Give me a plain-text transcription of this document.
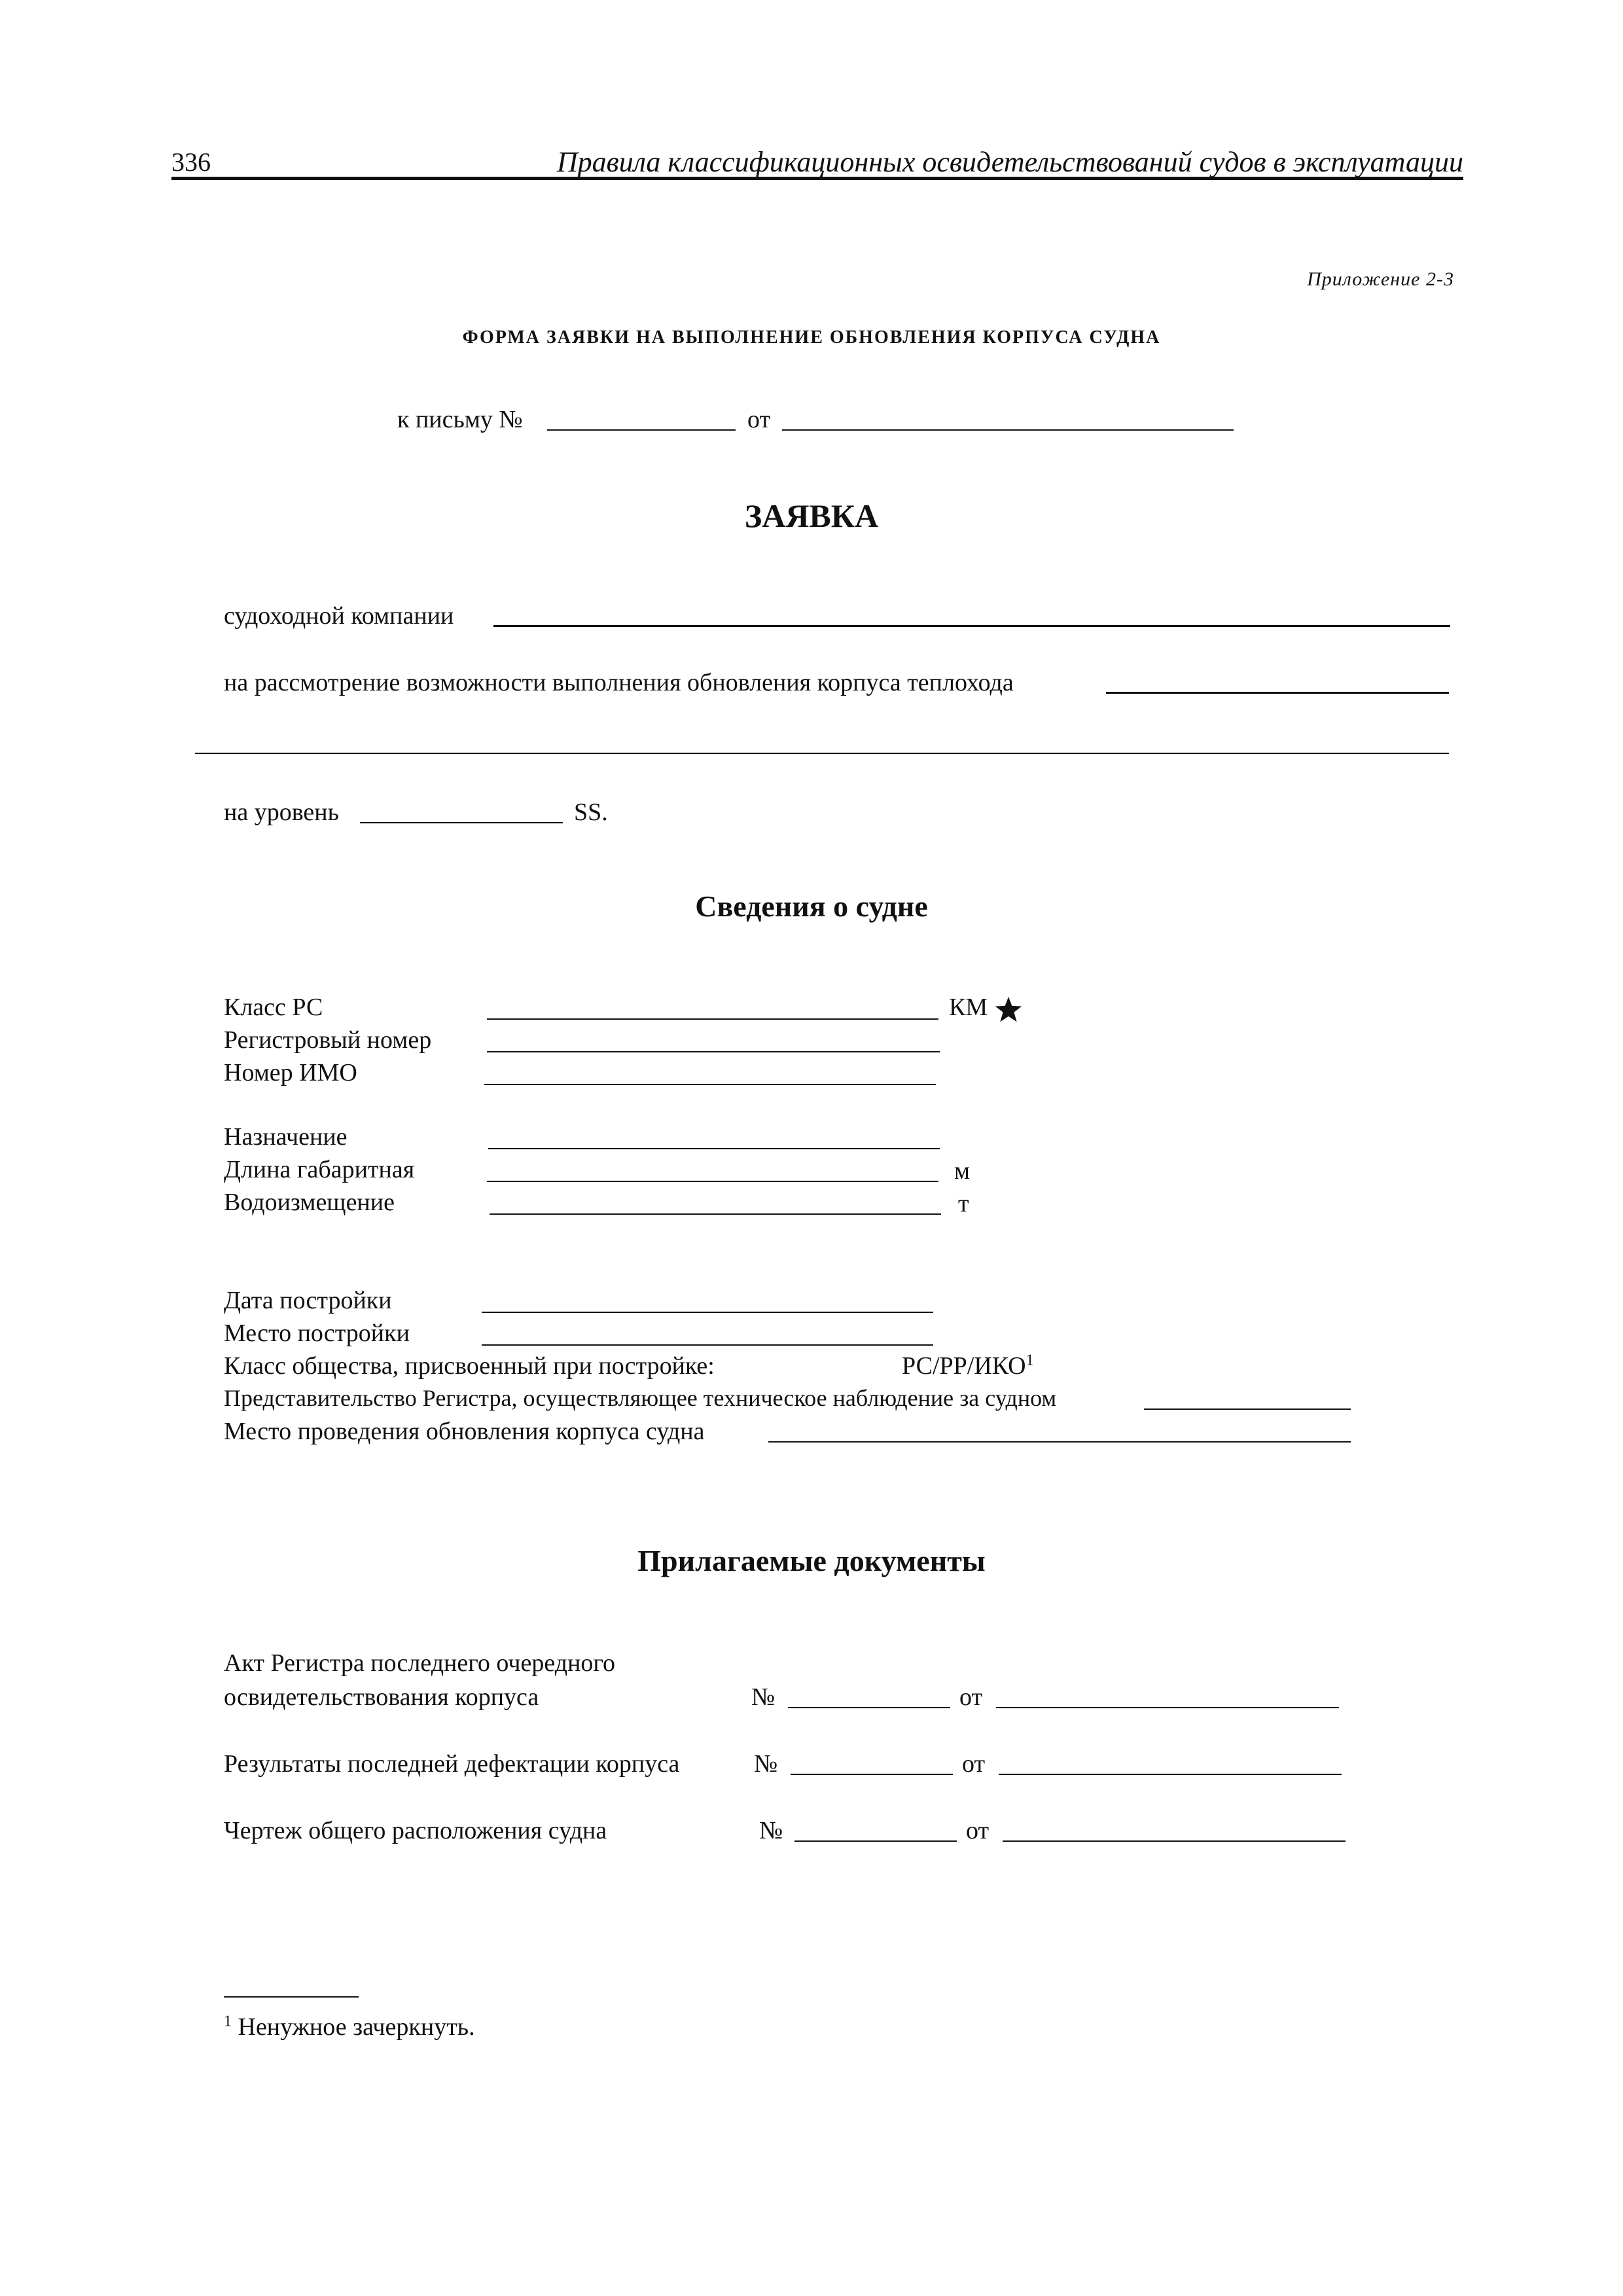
336	Правила классификационных освидетельствований судов в эксплуатации
Приложение 2-3
ФОРМА ЗАЯВКИ НА ВЫПОЛНЕНИЕ ОБНОВЛЕНИЯ КОРПУСА СУДНА
к письму №	от
ЗАЯВКА
судоходной компании
на рассмотрение возможности выполнения обновления корпуса теплохода
на уровень	SS.
Сведения о судне
Класс РС	КМ
Регистровый номер
Номер ИМО
Назначение
Длина габаритная	м
Водоизмещение	т
Дата постройки
Место постройки
Класс общества, присвоенный при постройке:	РС/РР/ИКО$^1$
Представительство Регистра, осуществляющее техническое наблюдение за судном
Место проведения обновления корпуса судна
Прилагаемые документы
Акт Регистра последнего очередного
освидетельствования корпуса	№	от
Результаты последней дефектации корпуса	№	от
Чертеж общего расположения судна	№	от
$^1$ Ненужное зачеркнуть.
